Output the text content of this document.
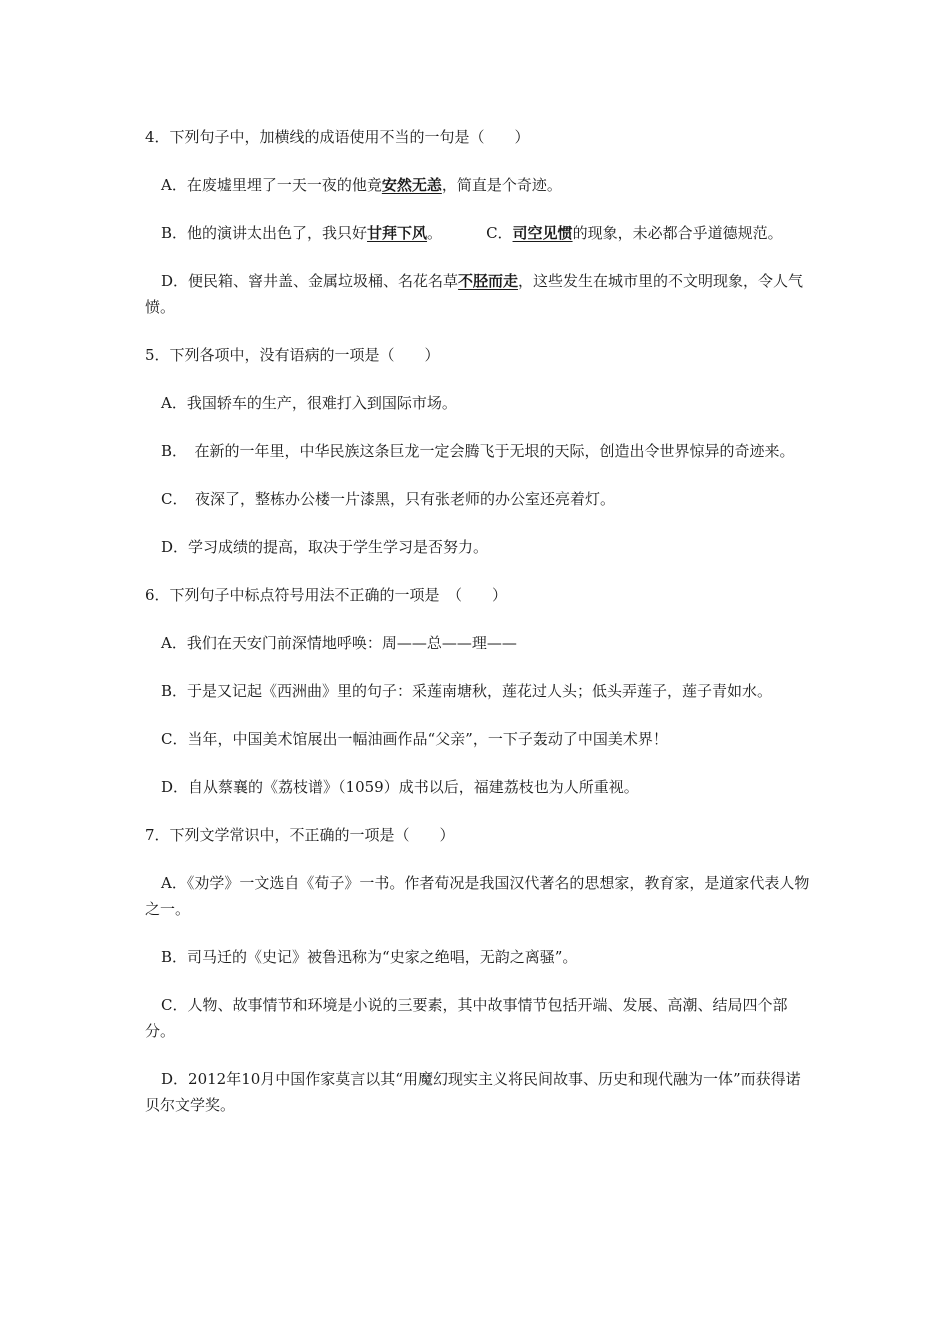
4．下列句子中，加横线的成语使用不当的一句是（　　）

A．在废墟里埋了一天一夜的他竟安然无恙，简直是个奇迹。

B．他的演讲太出色了，我只好甘拜下风。	C．司空见惯的现象，未必都合乎道德规范。

D．便民箱、窨井盖、金属垃圾桶、名花名草不胫而走，这些发生在城市里的不文明现象，令人气愤。

5．下列各项中，没有语病的一项是（　　）

A．我国轿车的生产，很难打入到国际市场。

B．　在新的一年里，中华民族这条巨龙一定会腾飞于无垠的天际，创造出令世界惊异的奇迹来。

C．　夜深了，整栋办公楼一片漆黑，只有张老师的办公室还亮着灯。

D．学习成绩的提高，取决于学生学习是否努力。

6．下列句子中标点符号用法不正确的一项是　（　　）

A．我们在天安门前深情地呼唤：周——总——理——

B．于是又记起《西洲曲》里的句子：采莲南塘秋，莲花过人头；低头弄莲子，莲子青如水。

C．当年，中国美术馆展出一幅油画作品“父亲”，一下子轰动了中国美术界！

D．自从蔡襄的《荔枝谱》（1059）成书以后，福建荔枝也为人所重视。

7．下列文学常识中，不正确的一项是（　　）

A．《劝学》一文选自《荀子》一书。作者荀况是我国汉代著名的思想家，教育家，是道家代表人物之一。

B．司马迁的《史记》被鲁迅称为“史家之绝唱，无韵之离骚”。

C．人物、故事情节和环境是小说的三要素，其中故事情节包括开端、发展、高潮、结局四个部分。

D．2012年10月中国作家莫言以其“用魔幻现实主义将民间故事、历史和现代融为一体”而获得诺贝尔文学奖。
